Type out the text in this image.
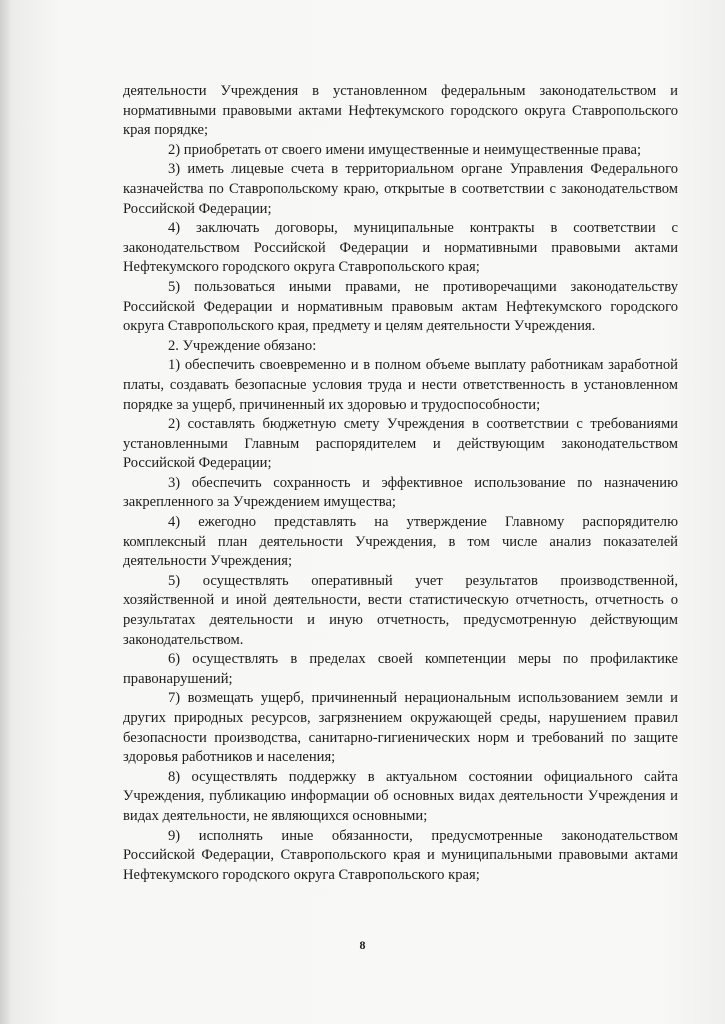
деятельности Учреждения в установленном федеральным законодательством и нормативными правовыми актами Нефтекумского городского округа Ставропольского края порядке;

2) приобретать от своего имени имущественные и неимущественные права;

3) иметь лицевые счета в территориальном органе Управления Федерального казначейства по Ставропольскому краю, открытые в соответствии с законодательством Российской Федерации;

4) заключать договоры, муниципальные контракты в соответствии с законодательством Российской Федерации и нормативными правовыми актами Нефтекумского городского округа Ставропольского края;

5) пользоваться иными правами, не противоречащими законодательству Российской Федерации и нормативным правовым актам Нефтекумского городского округа Ставропольского края, предмету и целям деятельности Учреждения.

2. Учреждение обязано:

1) обеспечить своевременно и в полном объеме выплату работникам заработной платы, создавать безопасные условия труда и нести ответственность в установленном порядке за ущерб, причиненный их здоровью и трудоспособности;

2) составлять бюджетную смету Учреждения в соответствии с требованиями установленными Главным распорядителем и действующим законодательством Российской Федерации;

3) обеспечить сохранность и эффективное использование по назначению закрепленного за Учреждением имущества;

4) ежегодно представлять на утверждение Главному распорядителю комплексный план деятельности Учреждения, в том числе анализ показателей деятельности Учреждения;

5) осуществлять оперативный учет результатов производственной, хозяйственной и иной деятельности, вести статистическую отчетность, отчетность о результатах деятельности и иную отчетность, предусмотренную действующим законодательством.

6) осуществлять в пределах своей компетенции меры по профилактике правонарушений;

7) возмещать ущерб, причиненный нерациональным использованием земли и других природных ресурсов, загрязнением окружающей среды, нарушением правил безопасности производства, санитарно-гигиенических норм и требований по защите здоровья работников и населения;

8) осуществлять поддержку в актуальном состоянии официального сайта Учреждения, публикацию информации об основных видах деятельности Учреждения и видах деятельности, не являющихся основными;

9) исполнять иные обязанности, предусмотренные законодательством Российской Федерации, Ставропольского края и муниципальными правовыми актами Нефтекумского городского округа Ставропольского края;

8
